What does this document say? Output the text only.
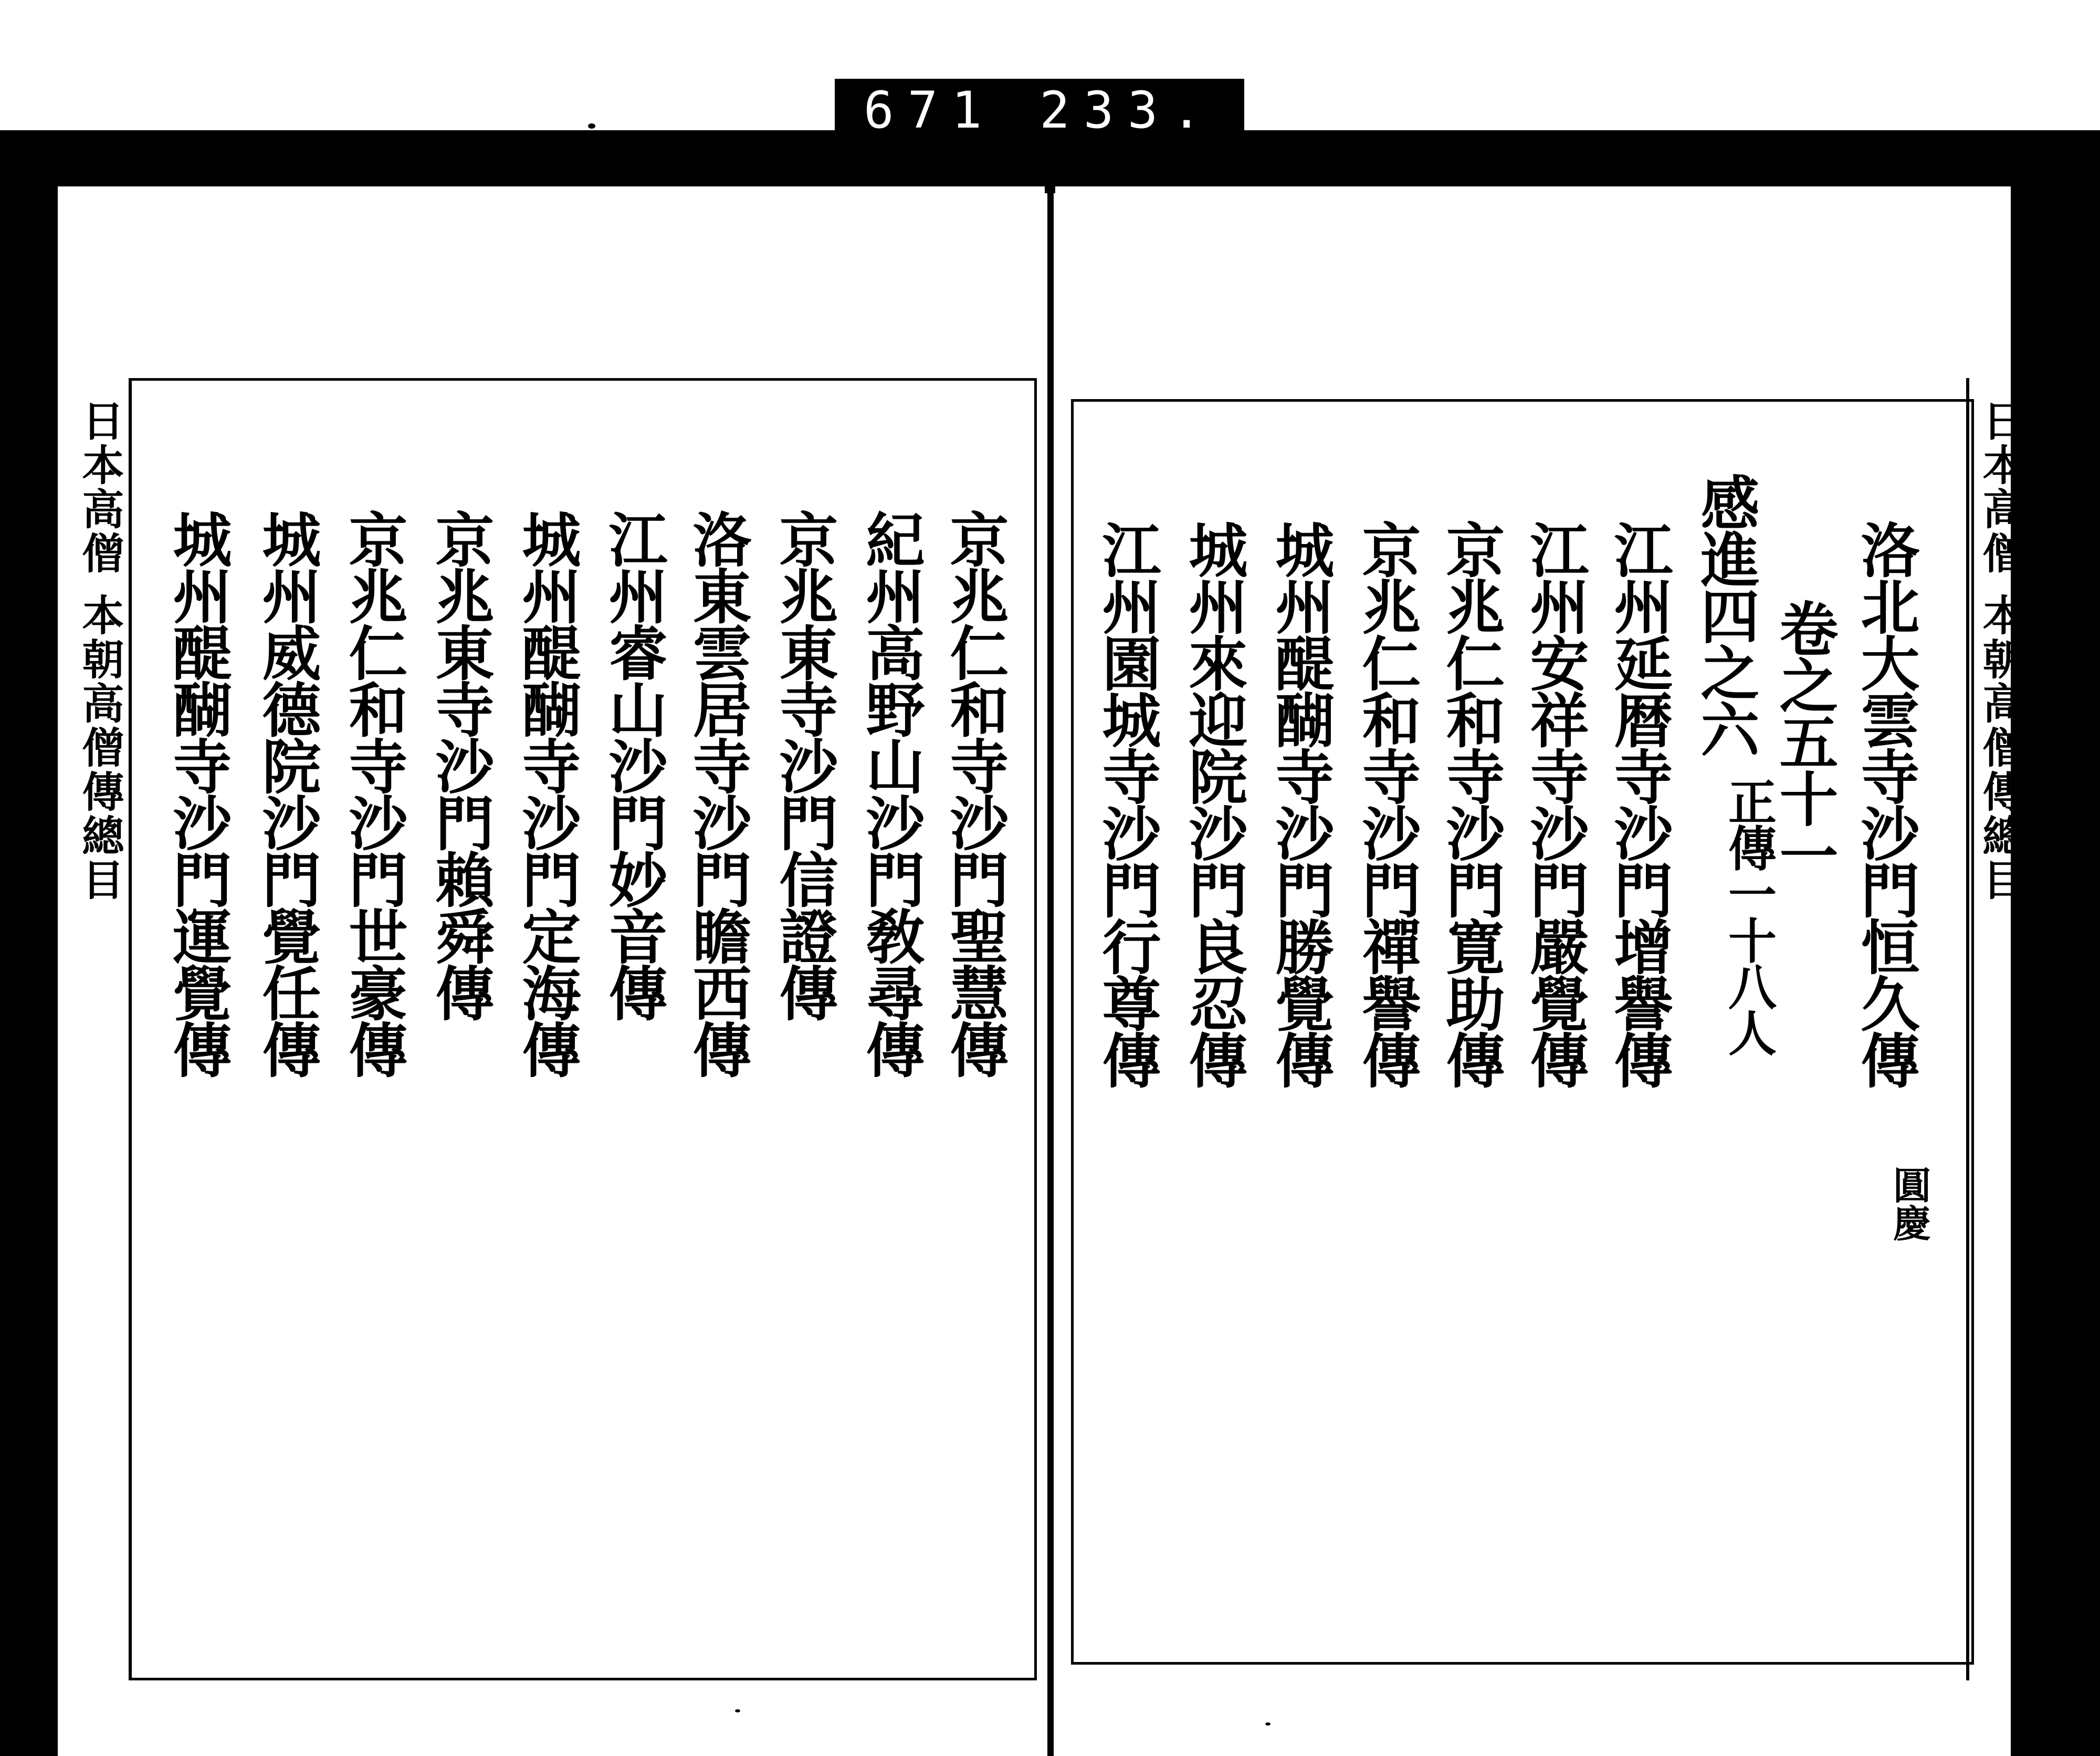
671 233.
日本高僧
本朝高僧傳總目
日本高僧
本朝高僧傳總目
京兆仁和寺沙門聖慧傳
紀州高野山沙門敎尋傳
京兆東寺沙門信證傳
洛東雲居寺沙門瞻西傳
江州睿山沙門妙音傳
城州醍醐寺沙門定海傳
京兆東寺沙門賴舜傳
京兆仁和寺沙門世豪傳
城州威德院沙門覺任傳
城州醍醐寺沙門運覺傳	洛北大雲寺沙門恒久傳
圓慶
卷之五十一
感進四之六
正傳一十八人
江州延暦寺沙門增譽傳
江州安祥寺沙門嚴覺傳
京兆仁和寺沙門寛助傳
京兆仁和寺沙門禪譽傳
城州醍醐寺沙門勝覺傳
城州來迎院沙門良忍傳
江州園城寺沙門行尊傳
